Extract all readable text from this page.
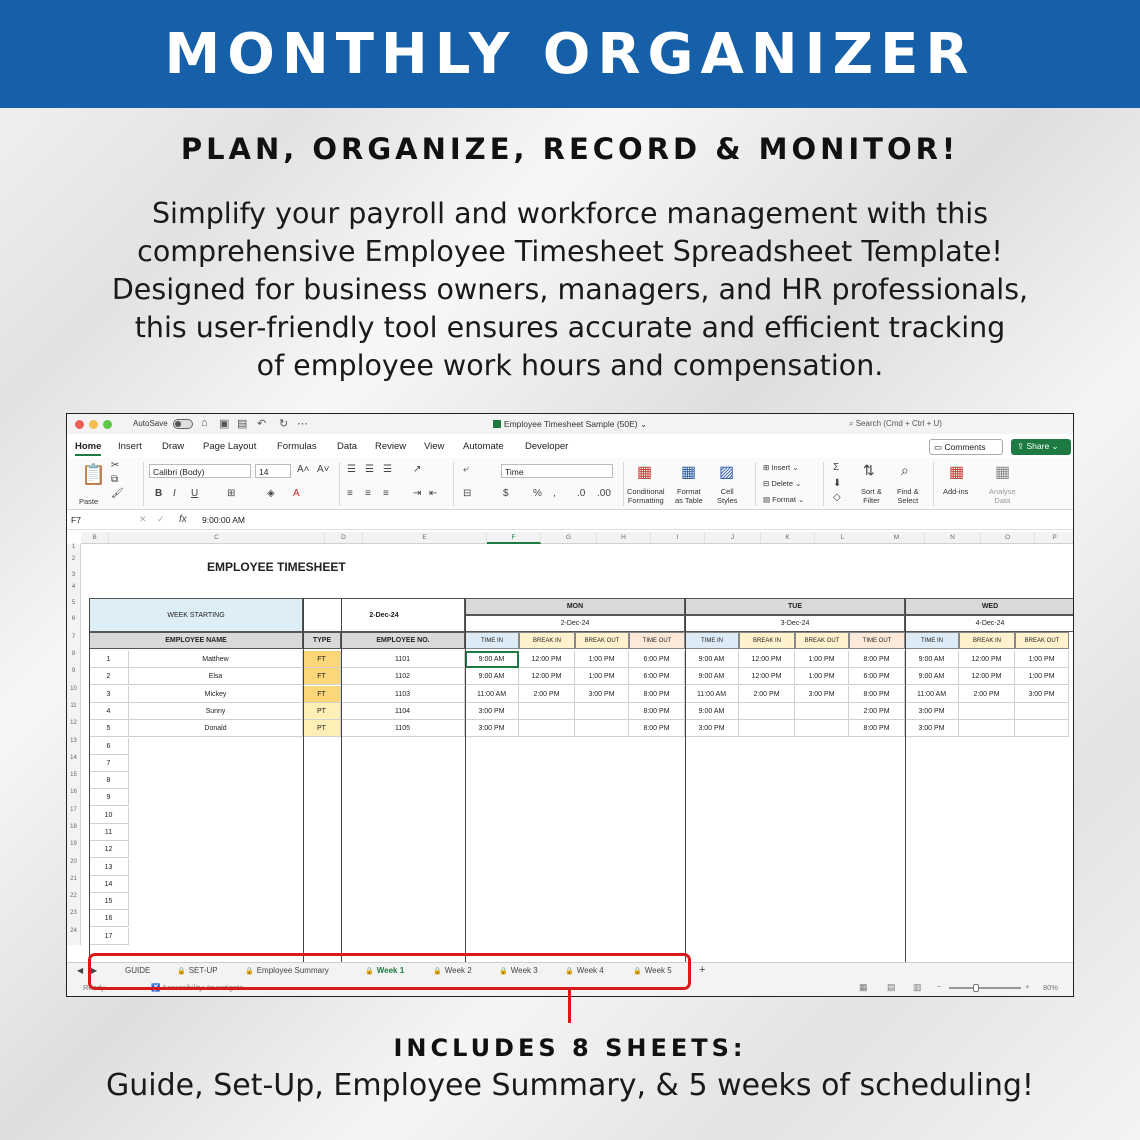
MONTHLY ORGANIZER
PLAN, ORGANIZE, RECORD & MONITOR!
Simplify your payroll and workforce management with this
comprehensive Employee Timesheet Spreadsheet Template!
Designed for business owners, managers, and HR professionals,
this user-friendly tool ensures accurate and efficient tracking
of employee work hours and compensation.
AutoSave	⌂ ▣ ▤ ↶ ↻ ⋯	Employee Timesheet Sample (50E) ⌄	⌕ Search (Cmd + Ctrl + U)
Home Insert Draw Page Layout Formulas Data Review View Automate Developer	▭ Comments	⇪ Share ⌄
📋
Paste
✂
⧉
🖌
Calibri (Body)	14	A˄ A˅
B I U	⊞	◈ A
☰ ☰ ☰ ↗
≡ ≡ ≡ ⇥ ⇤
⤶
⊟
Time
$ % , .0 .00
▦
Conditional
Formatting
▦
Format
as Table
▨
Cell
Styles
⊞ Insert ⌄
⊟ Delete ⌄
▤ Format ⌄
Σ
⬇
◇
⇅
Sort &
Filter
⌕
Find &
Select
▦
Add-ins
▦
Analyse
Data
F7	✕ ✓ fx 9:00:00 AM
EMPLOYEE TIMESHEET
B	C	D	E	F	G	H	I	J	K	L	M	N	O	P
1
2
3
4
5
6
7
8
9
10
11
12
13
14
15
16
17
18
19
20
21
22
23
24
WEEK STARTING	2-Dec-24
EMPLOYEE NAME	TYPE	EMPLOYEE NO.
MON
2-Dec-24
TIME IN	BREAK IN	BREAK OUT	TIME OUT
TUE
3-Dec-24
TIME IN	BREAK IN	BREAK OUT	TIME OUT
WED
4-Dec-24
TIME IN	BREAK IN	BREAK OUT
1	Matthew	FT	1101	9:00 AM	12:00 PM	1:00 PM	6:00 PM	9:00 AM	12:00 PM	1:00 PM	8:00 PM	9:00 AM	12:00 PM	1:00 PM
2	Elsa	FT	1102	9:00 AM	12:00 PM	1:00 PM	6:00 PM	9:00 AM	12:00 PM	1:00 PM	6:00 PM	9:00 AM	12:00 PM	1:00 PM
3	Mickey	FT	1103	11:00 AM	2:00 PM	3:00 PM	8:00 PM	11:00 AM	2:00 PM	3:00 PM	8:00 PM	11:00 AM	2:00 PM	3:00 PM
4	Sunny	PT	1104	3:00 PM	8:00 PM	9:00 AM	2:00 PM	3:00 PM
5	Donald	PT	1105	3:00 PM	8:00 PM	3:00 PM	8:00 PM	3:00 PM
6
7
8
9
10
11
12
13
14
15
16
17
◀ ▶	GUIDE	🔒 SET-UP	🔒 Employee Summary	🔒 Week 1	🔒 Week 2	🔒 Week 3	🔒 Week 4	🔒 Week 5 +
Ready	♿ Accessibility: Investigate	▦ ▤ ▥ −	+ 80%
INCLUDES 8 SHEETS:
Guide, Set-Up, Employee Summary, & 5 weeks of scheduling!
